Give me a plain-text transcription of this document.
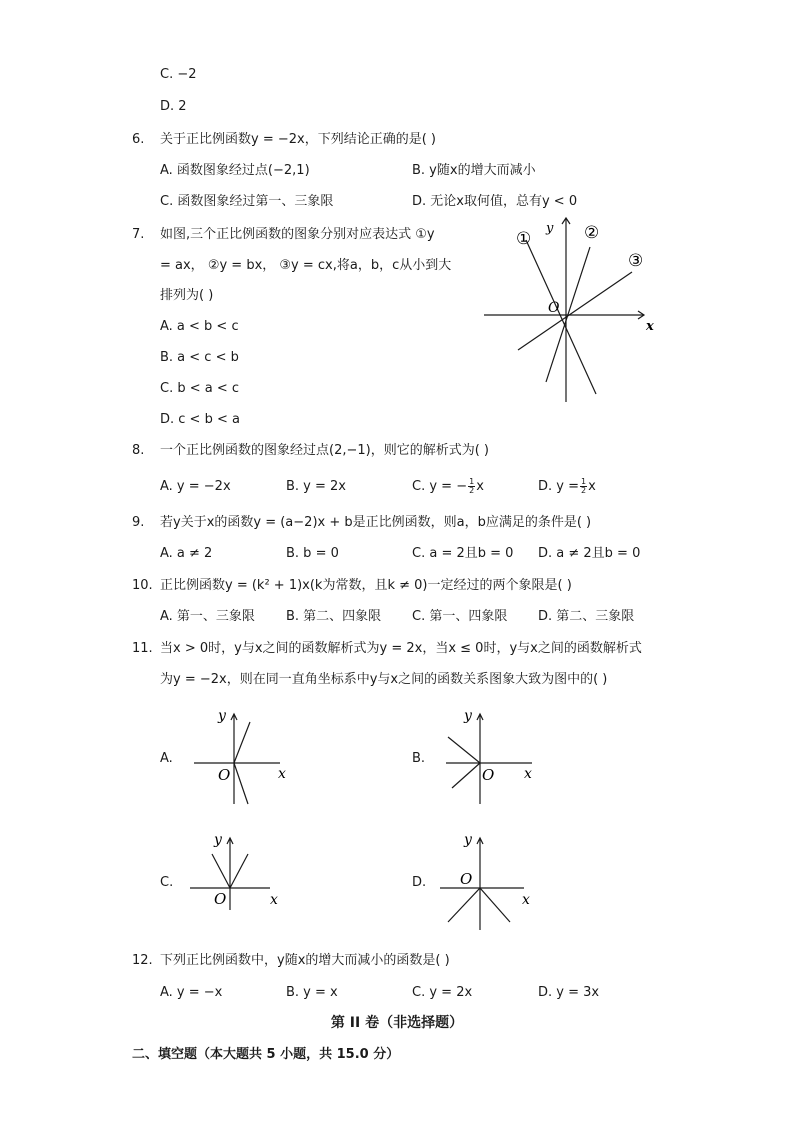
C. −2
D. 2
6. 关于正比例函数y = −2x，下列结论正确的是( )
A. 函数图象经过点(−2,1)	B. y随x的增大而减小
C. 函数图象经过第一、三象限	D. 无论x取何值，总有y < 0
7. 如图,三个正比例函数的图象分别对应表达式 ①y
= ax， ②y = bx， ③y = cx,将a，b，c从小到大
排列为( )
A. a < b < c
B. a < c < b
C. b < a < c
D. c < b < a
y
x
O
①	②
③
8. 一个正比例函数的图象经过点(2,−1)，则它的解析式为( )
A. y = −2x	B. y = 2x	C. y = − $\frac{1}{2}$ x	D. $y = \frac{1}{2}$ x
9. 若y关于x的函数y = (a−2)x + b是正比例函数，则a，b应满足的条件是( )
A. a ≠ 2	B. b = 0	C. a = 2且b = 0 D. a ≠ 2且b = 0
10. 正比例函数y = (k² + 1)x(k为常数，且k ≠ 0)一定经过的两个象限是( )
A. 第一、三象限 B. 第二、四象限 C. 第一、四象限 D. 第二、三象限
11. 当x > 0时，y与x之间的函数解析式为y = 2x，当x ≤ 0时，y与x之间的函数解析式
为y = −2x，则在同一直角坐标系中y与x之间的函数关系图象大致为图中的( )
A.	B.
C.	D.
y
x
O
y
x
O
y
x
O
y
x
O
12. 下列正比例函数中，y随x的增大而减小的函数是( )
A. y = −x	B. y = x	C. y = 2x	D. y = 3x
第 II 卷（非选择题）
二、填空题（本大题共 5 小题，共 15.0 分）
